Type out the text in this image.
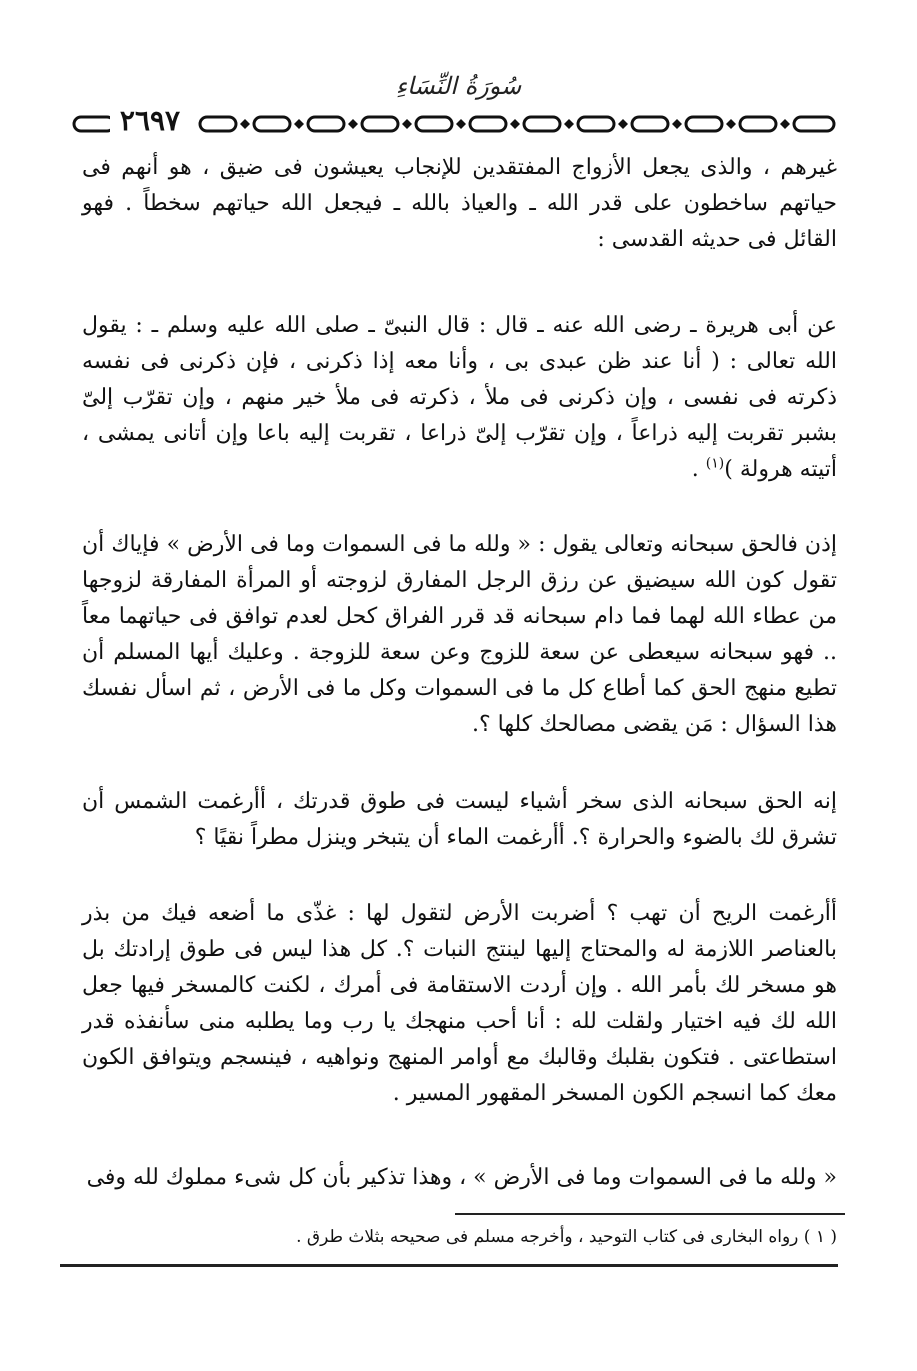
سُورَةُ النِّسَاءِ
٢٦٩٧

غيرهم ، والذى يجعل الأزواج المفتقدين للإنجاب يعيشون فى ضيق ، هو أنهم فى حياتهم ساخطون على قدر الله ـ والعياذ بالله ـ فيجعل الله حياتهم سخطاً . فهو القائل فى حديثه القدسى :

عن أبى هريرة ـ رضى الله عنه ـ قال : قال النبىّ ـ صلى الله عليه وسلم ـ : يقول الله تعالى : ( أنا عند ظن عبدى بى ، وأنا معه إذا ذكرنى ، فإن ذكرنى فى نفسه ذكرته فى نفسى ، وإن ذكرنى فى ملأ ، ذكرته فى ملأ خير منهم ، وإن تقرّب إلىّ بشبر تقربت إليه ذراعاً ، وإن تقرّب إلىّ ذراعا ، تقربت إليه باعا وإن أتانى يمشى ، أتيته هرولة )$^{(١)}$ .

إذن فالحق سبحانه وتعالى يقول : « ولله ما فى السموات وما فى الأرض » فإياك أن تقول كون الله سيضيق عن رزق الرجل المفارق لزوجته أو المرأة المفارقة لزوجها من عطاء الله لهما فما دام سبحانه قد قرر الفراق كحل لعدم توافق فى حياتهما معاً .. فهو سبحانه سيعطى عن سعة للزوج وعن سعة للزوجة . وعليك أيها المسلم أن تطيع منهج الحق كما أطاع كل ما فى السموات وكل ما فى الأرض ، ثم اسأل نفسك هذا السؤال : مَن يقضى مصالحك كلها ؟.

إنه الحق سبحانه الذى سخر أشياء ليست فى طوق قدرتك ، أأرغمت الشمس أن تشرق لك بالضوء والحرارة ؟. أأرغمت الماء أن يتبخر وينزل مطراً نقيًا ؟

أأرغمت الريح أن تهب ؟ أضربت الأرض لتقول لها : غذّى ما أضعه فيك من بذر بالعناصر اللازمة له والمحتاج إليها لينتج النبات ؟. كل هذا ليس فى طوق إرادتك بل هو مسخر لك بأمر الله . وإن أردت الاستقامة فى أمرك ، لكنت كالمسخر فيها جعل الله لك فيه اختيار ولقلت لله : أنا أحب منهجك يا رب وما يطلبه منى سأنفذه قدر استطاعتى . فتكون بقلبك وقالبك مع أوامر المنهج ونواهيه ، فينسجم ويتوافق الكون معك كما انسجم الكون المسخر المقهور المسير .

« ولله ما فى السموات وما فى الأرض » ، وهذا تذكير بأن كل شىء مملوك لله وفى

( ١ ) رواه البخارى فى كتاب التوحيد ، وأخرجه مسلم فى صحيحه بثلاث طرق .
